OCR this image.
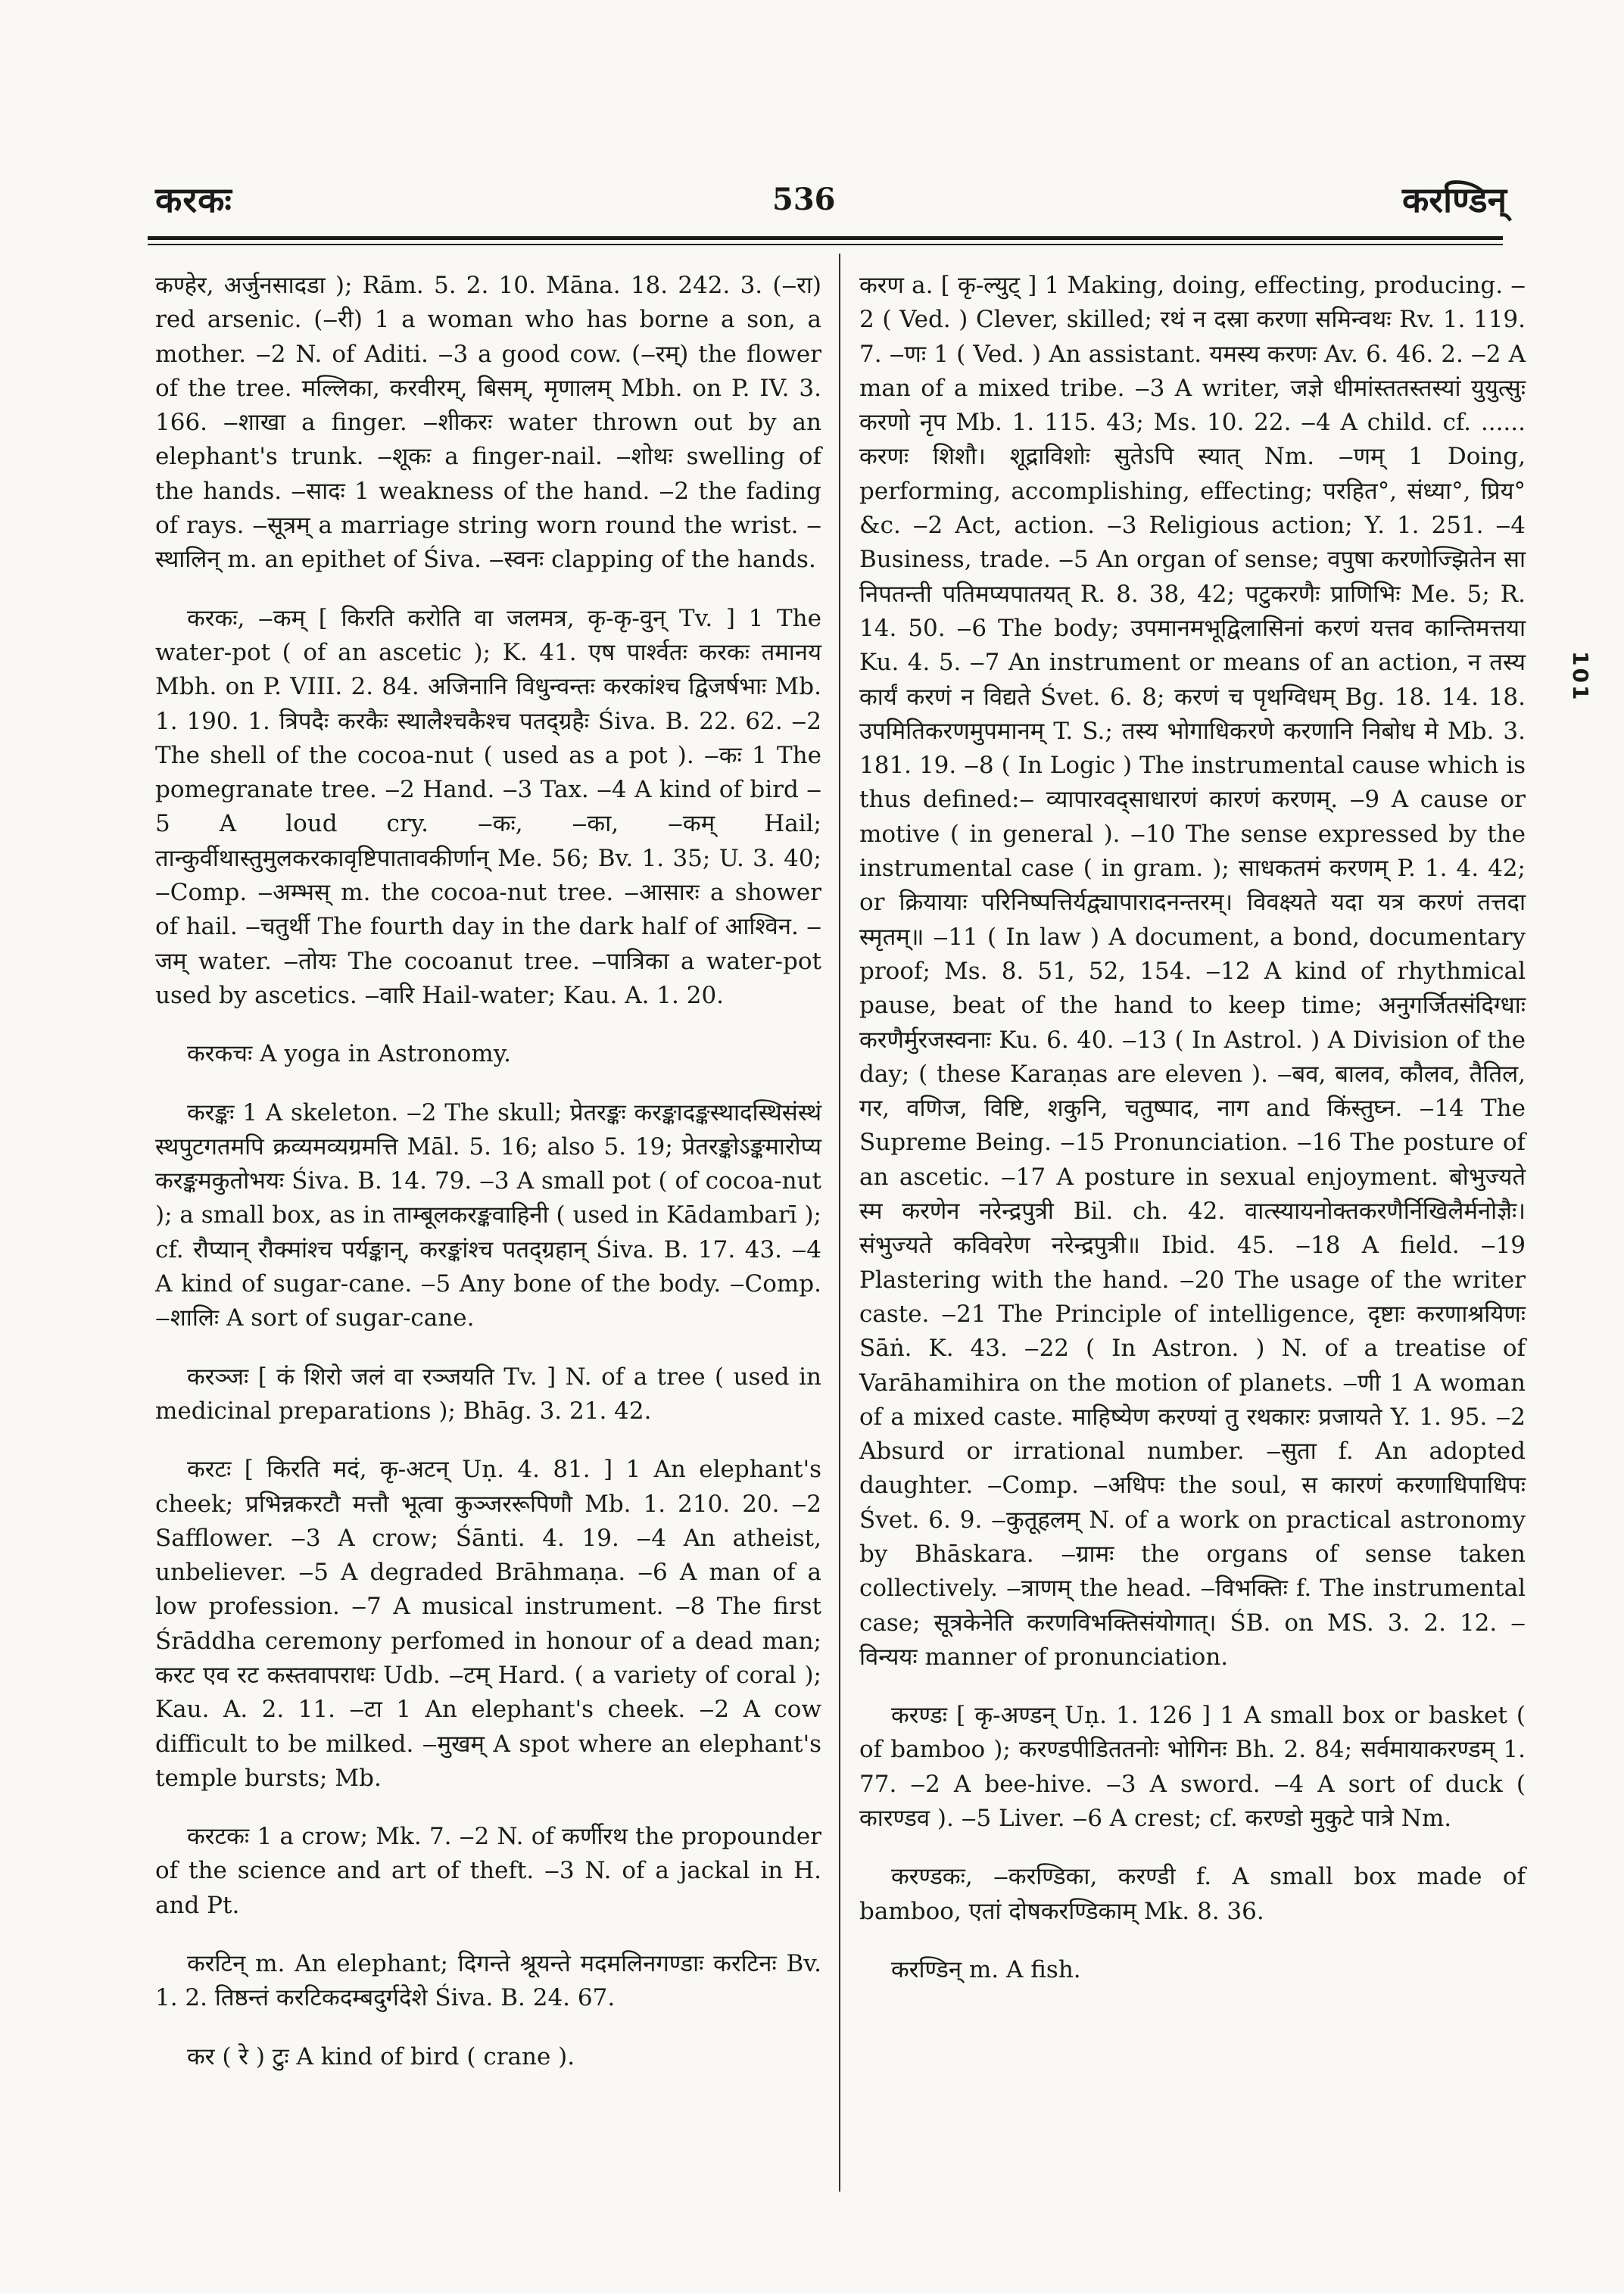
करकः	536	करण्डिन्

कण्हेर, अर्जुनसादडा ); Rām. 5. 2. 10. Māna. 18. 242. 3. (‒रा) red arsenic. (‒री) 1 a woman who has borne a son, a mother. ‒2 N. of Aditi. ‒3 a good cow. (‒रम्) the flower of the tree. मल्लिका, करवीरम्, बिसम्, मृणालम् Mbh. on P. IV. 3. 166. ‒शाखा a finger. ‒शीकरः water thrown out by an elephant's trunk. ‒शूकः a finger-nail. ‒शोथः swelling of the hands. ‒सादः 1 weakness of the hand. ‒2 the fading of rays. ‒सूत्रम् a marriage string worn round the wrist. ‒स्थालिन् m. an epithet of Śiva. ‒स्वनः clapping of the hands.

करकः, ‒कम् [ किरति करोति वा जलमत्र, कृ-कृ-वुन् Tv. ] 1 The water-pot ( of an ascetic ); K. 41. एष पार्श्वतः करकः तमानय Mbh. on P. VIII. 2. 84. अजिनानि विधुन्वन्तः करकांश्च द्विजर्षभाः Mb. 1. 190. 1. त्रिपदैः करकैः स्थालैश्चकैश्च पतद्ग्रहैः Śiva. B. 22. 62. ‒2 The shell of the cocoa-nut ( used as a pot ). ‒कः 1 The pomegranate tree. ‒2 Hand. ‒3 Tax. ‒4 A kind of bird ‒5 A loud cry. ‒कः, ‒का, ‒कम् Hail; तान्कुर्वीथास्तुमुलकरकावृष्टिपातावकीर्णान् Me. 56; Bv. 1. 35; U. 3. 40; ‒Comp. ‒अम्भस् m. the cocoa-nut tree. ‒आसारः a shower of hail. ‒चतुर्थी The fourth day in the dark half of आश्विन. ‒जम् water. ‒तोयः The cocoanut tree. ‒पात्रिका a water-pot used by ascetics. ‒वारि Hail-water; Kau. A. 1. 20.

करकचः A yoga in Astronomy.

करङ्कः 1 A skeleton. ‒2 The skull; प्रेतरङ्कः करङ्कादङ्कस्थादस्थिसंस्थं स्थपुटगतमपि क्रव्यमव्यग्रमत्ति Māl. 5. 16; also 5. 19; प्रेतरङ्कोऽङ्कमारोप्य करङ्कमकुतोभयः Śiva. B. 14. 79. ‒3 A small pot ( of cocoa-nut ); a small box, as in ताम्बूलकरङ्कवाहिनी ( used in Kādambarī ); cf. रौप्यान् रौक्मांश्च पर्यङ्कान्, करङ्कांश्च पतद्ग्रहान् Śiva. B. 17. 43. ‒4 A kind of sugar-cane. ‒5 Any bone of the body. ‒Comp. ‒शालिः A sort of sugar-cane.

करञ्जः [ कं शिरो जलं वा रञ्जयति Tv. ] N. of a tree ( used in medicinal preparations ); Bhāg. 3. 21. 42.

करटः [ किरति मदं, कृ-अटन् Uṇ. 4. 81. ] 1 An elephant's cheek; प्रभिन्नकरटौ मत्तौ भूत्वा कुञ्जररूपिणौ Mb. 1. 210. 20. ‒2 Safflower. ‒3 A crow; Śānti. 4. 19. ‒4 An atheist, unbeliever. ‒5 A degraded Brāhmaṇa. ‒6 A man of a low profession. ‒7 A musical instrument. ‒8 The first Śrāddha ceremony perfomed in honour of a dead man; करट एव रट कस्तवापराधः Udb. ‒टम् Hard. ( a variety of coral ); Kau. A. 2. 11. ‒टा 1 An elephant's cheek. ‒2 A cow difficult to be milked. ‒मुखम् A spot where an elephant's temple bursts; Mb.

करटकः 1 a crow; Mk. 7. ‒2 N. of कर्णीरथ the propounder of the science and art of theft. ‒3 N. of a jackal in H. and Pt.

करटिन् m. An elephant; दिगन्ते श्रूयन्ते मदमलिनगण्डाः करटिनः Bv. 1. 2. तिष्ठन्तं करटिकदम्बदुर्गदेशे Śiva. B. 24. 67.

कर ( रे ) टुः A kind of bird ( crane ).

करण a. [ कृ-ल्युट् ] 1 Making, doing, effecting, producing. ‒2 ( Ved. ) Clever, skilled; रथं न दस्रा करणा समिन्वथः Rv. 1. 119. 7. ‒णः 1 ( Ved. ) An assistant. यमस्य करणः Av. 6. 46. 2. ‒2 A man of a mixed tribe. ‒3 A writer, जज्ञे धीमांस्ततस्तस्यां युयुत्सुः करणो नृप Mb. 1. 115. 43; Ms. 10. 22. ‒4 A child. cf. ...... करणः शिशौ। शूद्राविशोः सुतेऽपि स्यात् Nm. ‒णम् 1 Doing, performing, accomplishing, effecting; परहित°, संध्या°, प्रिय° &c. ‒2 Act, action. ‒3 Religious action; Y. 1. 251. ‒4 Business, trade. ‒5 An organ of sense; वपुषा करणोज्झितेन सा निपतन्ती पतिमप्यपातयत् R. 8. 38, 42; पटुकरणैः प्राणिभिः Me. 5; R. 14. 50. ‒6 The body; उपमानमभूद्विलासिनां करणं यत्तव कान्तिमत्तया Ku. 4. 5. ‒7 An instrument or means of an action, न तस्य कार्यं करणं न विद्यते Śvet. 6. 8; करणं च पृथग्विधम् Bg. 18. 14. 18. उपमितिकरणमुपमानम् T. S.; तस्य भोगाधिकरणे करणानि निबोध मे Mb. 3. 181. 19. ‒8 ( In Logic ) The instrumental cause which is thus defined:‒ व्यापारवद्साधारणं कारणं करणम्. ‒9 A cause or motive ( in general ). ‒10 The sense expressed by the instrumental case ( in gram. ); साधकतमं करणम् P. 1. 4. 42; or क्रियायाः परिनिष्पत्तिर्यद्व्यापारादनन्तरम्। विवक्ष्यते यदा यत्र करणं तत्तदा स्मृतम्॥ ‒11 ( In law ) A document, a bond, documentary proof; Ms. 8. 51, 52, 154. ‒12 A kind of rhythmical pause, beat of the hand to keep time; अनुगर्जितसंदिग्धाः करणैर्मुरजस्वनाः Ku. 6. 40. ‒13 ( In Astrol. ) A Division of the day; ( these Karaṇas are eleven ). ‒बव, बालव, कौलव, तैतिल, गर, वणिज, विष्टि, शकुनि, चतुष्पाद, नाग and किंस्तुघ्न. ‒14 The Supreme Being. ‒15 Pronunciation. ‒16 The posture of an ascetic. ‒17 A posture in sexual enjoyment. बोभुज्यते स्म करणेन नरेन्द्रपुत्री Bil. ch. 42. वात्स्यायनोक्तकरणैर्निखिलैर्मनोज्ञैः। संभुज्यते कविवरेण नरेन्द्रपुत्री॥ Ibid. 45. ‒18 A field. ‒19 Plastering with the hand. ‒20 The usage of the writer caste. ‒21 The Principle of intelligence, दृष्टाः करणाश्रयिणः Sāṅ. K. 43. ‒22 ( In Astron. ) N. of a treatise of Varāhamihira on the motion of planets. ‒णी 1 A woman of a mixed caste. माहिष्येण करण्यां तु रथकारः प्रजायते Y. 1. 95. ‒2 Absurd or irrational number. ‒सुता f. An adopted daughter. ‒Comp. ‒अधिपः the soul, स कारणं करणाधिपाधिपः Śvet. 6. 9. ‒कुतूहलम् N. of a work on practical astronomy by Bhāskara. ‒ग्रामः the organs of sense taken collectively. ‒त्राणम् the head. ‒विभक्तिः f. The instrumental case; सूत्रकेनेति करणविभक्तिसंयोगात्। ŚB. on MS. 3. 2. 12. ‒विन्ययः manner of pronunciation.

करण्डः [ कृ-अण्डन् Uṇ. 1. 126 ] 1 A small box or basket ( of bamboo ); करण्डपीडिततनोः भोगिनः Bh. 2. 84; सर्वमायाकरण्डम् 1. 77. ‒2 A bee-hive. ‒3 A sword. ‒4 A sort of duck ( कारण्डव ). ‒5 Liver. ‒6 A crest; cf. करण्डो मुकुटे पात्रे Nm.

करण्डकः, ‒करण्डिका, करण्डी f. A small box made of bamboo, एतां दोषकरण्डिकाम् Mk. 8. 36.

करण्डिन् m. A fish.

101
